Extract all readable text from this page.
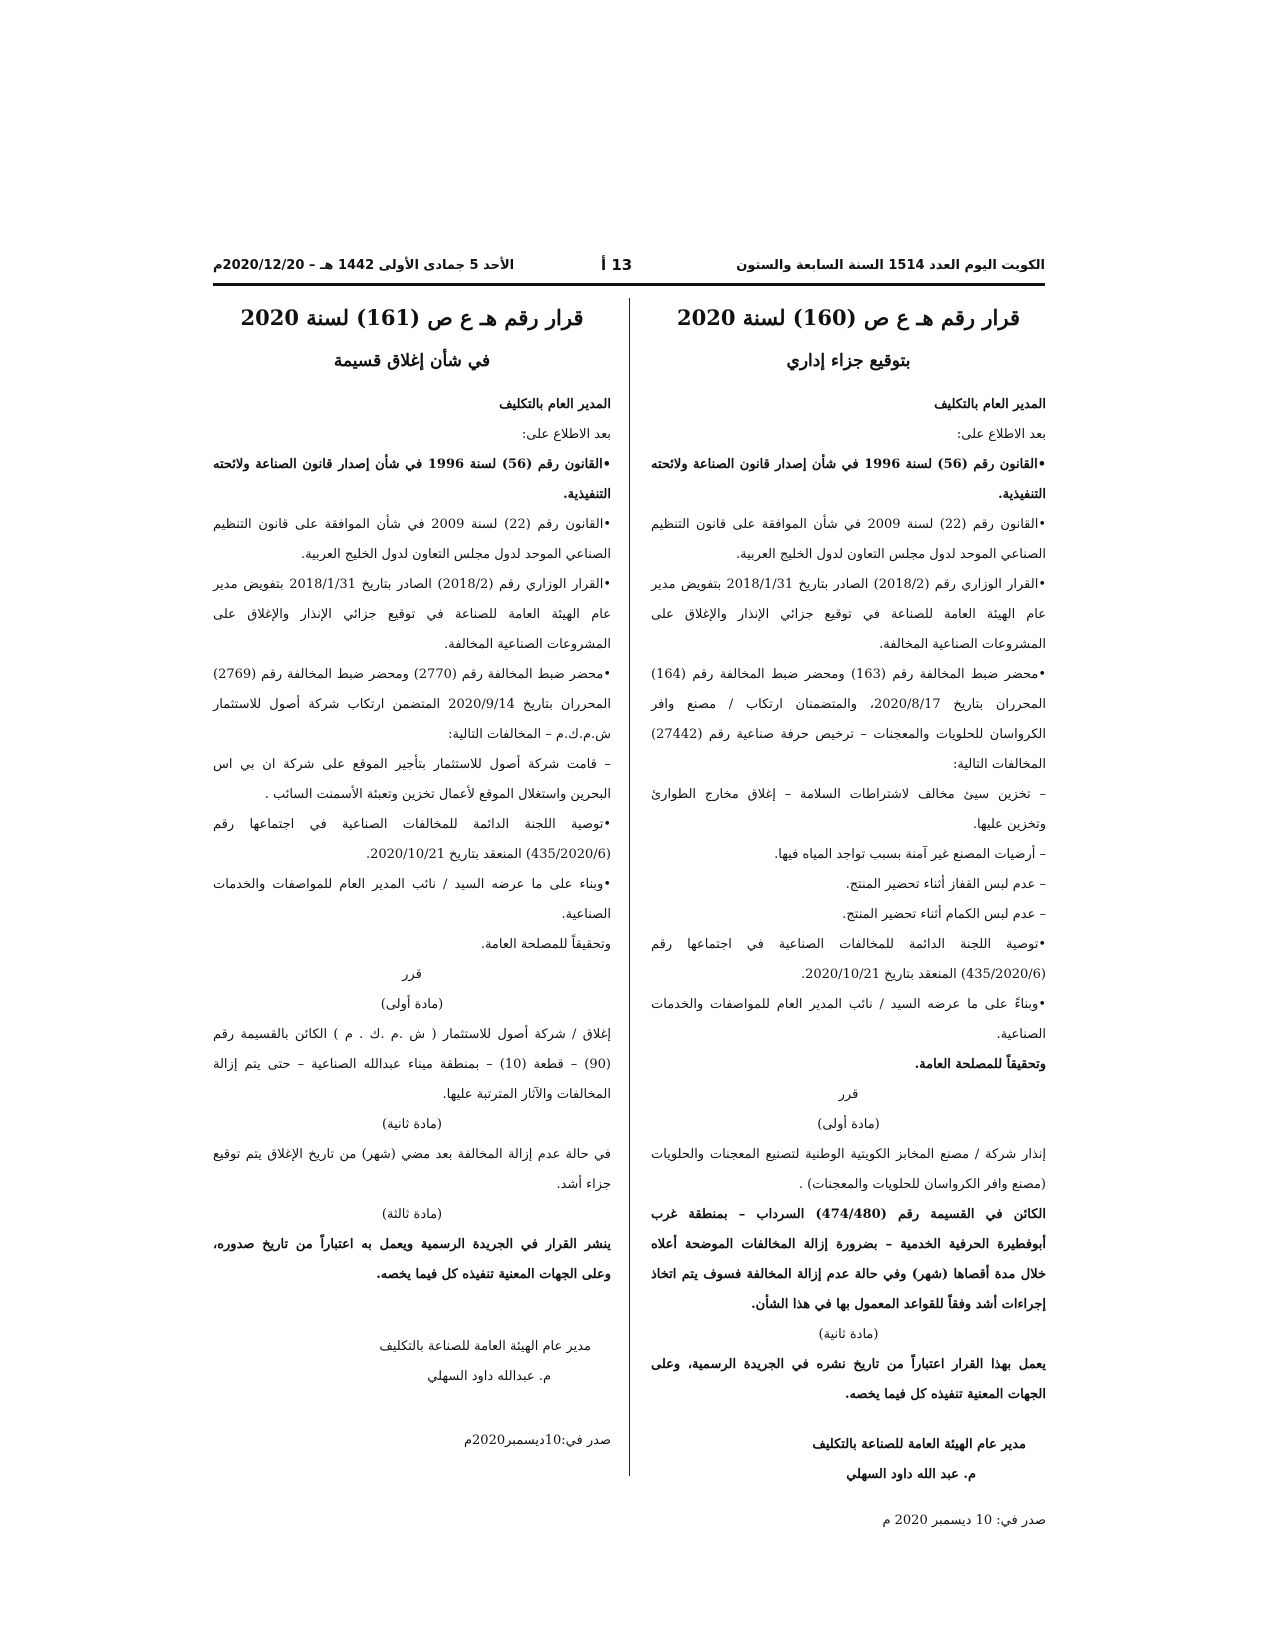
الكويت اليوم العدد 1514 السنة السابعة والستون
13 أ
الأحد 5 جمادى الأولى 1442 هـ – 2020/12/20م

قرار رقم هـ ع ص (160) لسنة 2020

بتوقيع جزاء إداري

المدير العام بالتكليف

بعد الاطلاع على:

•القانون رقم (56) لسنة 1996 في شأن إصدار قانون الصناعة ولائحته التنفيذية.

•القانون رقم (22) لسنة 2009 في شأن الموافقة على قانون التنظيم الصناعي الموحد لدول مجلس التعاون لدول الخليج العربية.

•القرار الوزاري رقم (2018/2) الصادر بتاريخ 2018/1/31 بتفويض مدير عام الهيئة العامة للصناعة في توقيع جزائي الإنذار والإغلاق على المشروعات الصناعية المخالفة.

•محضر ضبط المخالفة رقم (163) ومحضر ضبط المخالفة رقم (164) المحرران بتاريخ 2020/8/17، والمتضمنان ارتكاب / مصنع وافر الكرواسان للحلويات والمعجنات – ترخيص حرفة صناعية رقم (27442) المخالفات التالية:

– تخزين سيئ مخالف لاشتراطات السلامة – إغلاق مخارج الطوارئ وتخزين عليها.

– أرضيات المصنع غير آمنة بسبب تواجد المياه فيها.

– عدم لبس القفاز أثناء تحضير المنتج.

– عدم لبس الكمام أثناء تحضير المنتج.

•توصية اللجنة الدائمة للمخالفات الصناعية في اجتماعها رقم (435/2020/6) المنعقد بتاريخ 2020/10/21.

•وبناءً على ما عرضه السيد / نائب المدير العام للمواصفات والخدمات الصناعية.

وتحقيقاً للمصلحة العامة.

قرر

(مادة أولى)

إنذار شركة / مصنع المخابز الكويتية الوطنية لتصنيع المعجنات والحلويات (مصنع وافر الكرواسان للحلويات والمعجنات) .

الكائن في القسيمة رقم (474/480) السرداب – بمنطقة غرب أبوفطيرة الحرفية الخدمية – بضرورة إزالة المخالفات الموضحة أعلاه خلال مدة أقصاها (شهر) وفي حالة عدم إزالة المخالفة فسوف يتم اتخاذ إجراءات أشد وفقاً للقواعد المعمول بها في هذا الشأن.

(مادة ثانية)

يعمل بهذا القرار اعتباراً من تاريخ نشره في الجريدة الرسمية، وعلى الجهات المعنية تنفيذه كل فيما يخصه.

مدير عام الهيئة العامة للصناعة بالتكليف

م. عبد الله داود السهلي

صدر في: 10 ديسمبر 2020 م

قرار رقم هـ ع ص (161) لسنة 2020

في شأن إغلاق قسيمة

المدير العام بالتكليف

بعد الاطلاع على:

•القانون رقم (56) لسنة 1996 في شأن إصدار قانون الصناعة ولائحته التنفيذية.

•القانون رقم (22) لسنة 2009 في شأن الموافقة على قانون التنظيم الصناعي الموحد لدول مجلس التعاون لدول الخليج العربية.

•القرار الوزاري رقم (2018/2) الصادر بتاريخ 2018/1/31 بتفويض مدير عام الهيئة العامة للصناعة في توقيع جزائي الإنذار والإغلاق على المشروعات الصناعية المخالفة.

•محضر ضبط المخالفة رقم (2770) ومحضر ضبط المخالفة رقم (2769) المحرران بتاريخ 2020/9/14 المتضمن ارتكاب شركة أصول للاستثمار ش.م.ك.م – المخالفات التالية:

– قامت شركة أصول للاستثمار بتأجير الموقع على شركة ان بي اس البحرين واستغلال الموقع لأعمال تخزين وتعبئة الأسمنت السائب .

•توصية اللجنة الدائمة للمخالفات الصناعية في اجتماعها رقم (435/2020/6) المنعقد بتاريخ 2020/10/21.

•وبناء على ما عرضه السيد / نائب المدير العام للمواصفات والخدمات الصناعية.

وتحقيقاً للمصلحة العامة.

قرر

(مادة أولى)

إغلاق / شركة أصول للاستثمار ( ش .م .ك . م ) الكائن بالقسيمة رقم (90) – قطعة (10) – بمنطقة ميناء عبدالله الصناعية – حتى يتم إزالة المخالفات والآثار المترتبة عليها.

(مادة ثانية)

في حالة عدم إزالة المخالفة بعد مضي (شهر) من تاريخ الإغلاق يتم توقيع جزاء أشد.

(مادة ثالثة)

ينشر القرار في الجريدة الرسمية ويعمل به اعتباراً من تاريخ صدوره، وعلى الجهات المعنية تنفيذه كل فيما يخصه.

مدير عام الهيئة العامة للصناعة بالتكليف

م. عبدالله داود السهلي

صدر في:10ديسمبر2020م
